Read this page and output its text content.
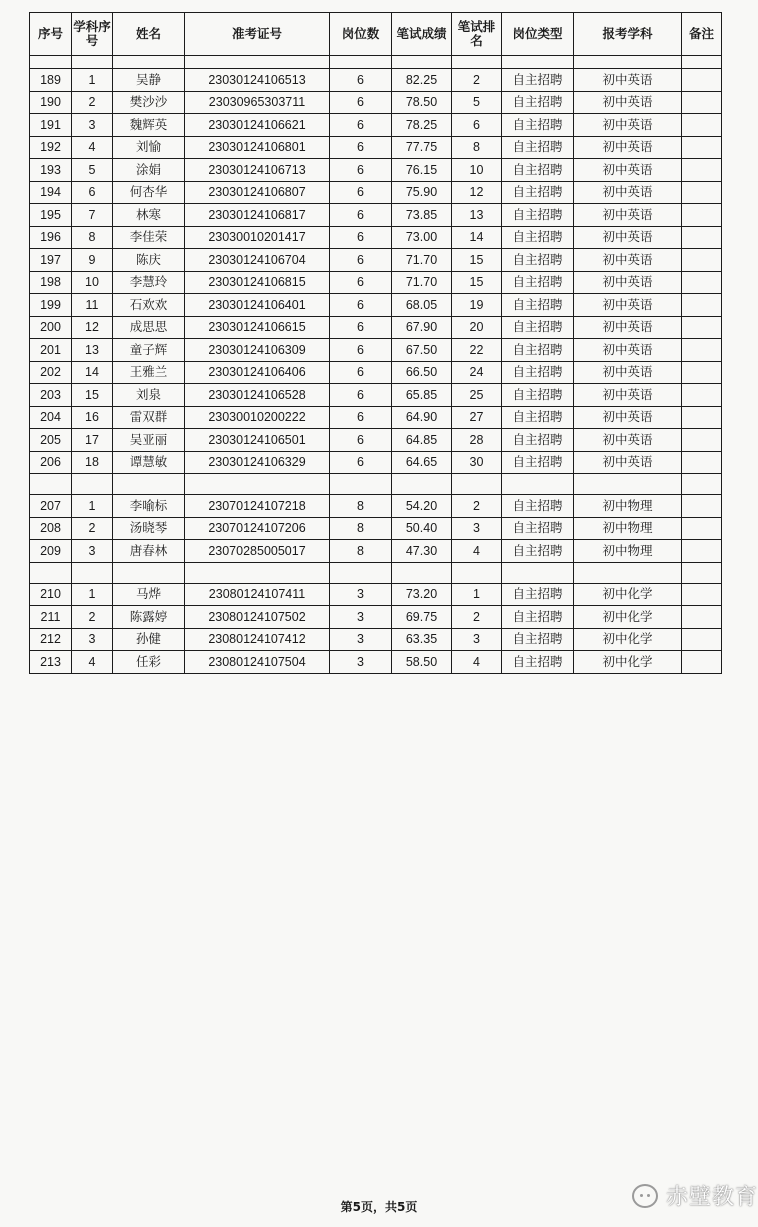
序号	学科序号	姓名	准考证号	岗位数	笔试成绩	笔试排名	岗位类型	报考学科	备注

189	1	吴静	23030124106513	6	82.25	2	自主招聘	初中英语	
190	2	樊沙沙	23030965303711	6	78.50	5	自主招聘	初中英语	
191	3	魏辉英	23030124106621	6	78.25	6	自主招聘	初中英语	
192	4	刘愉	23030124106801	6	77.75	8	自主招聘	初中英语	
193	5	涂娟	23030124106713	6	76.15	10	自主招聘	初中英语	
194	6	何杏华	23030124106807	6	75.90	12	自主招聘	初中英语	
195	7	林寒	23030124106817	6	73.85	13	自主招聘	初中英语	
196	8	李佳荣	23030010201417	6	73.00	14	自主招聘	初中英语	
197	9	陈庆	23030124106704	6	71.70	15	自主招聘	初中英语	
198	10	李慧玲	23030124106815	6	71.70	15	自主招聘	初中英语	
199	11	石欢欢	23030124106401	6	68.05	19	自主招聘	初中英语	
200	12	成思思	23030124106615	6	67.90	20	自主招聘	初中英语	
201	13	童子辉	23030124106309	6	67.50	22	自主招聘	初中英语	
202	14	王雅兰	23030124106406	6	66.50	24	自主招聘	初中英语	
203	15	刘泉	23030124106528	6	65.85	25	自主招聘	初中英语	
204	16	雷双群	23030010200222	6	64.90	27	自主招聘	初中英语	
205	17	吴亚丽	23030124106501	6	64.85	28	自主招聘	初中英语	
206	18	谭慧敏	23030124106329	6	64.65	30	自主招聘	初中英语	

207	1	李喻标	23070124107218	8	54.20	2	自主招聘	初中物理	
208	2	汤晓琴	23070124107206	8	50.40	3	自主招聘	初中物理	
209	3	唐春林	23070285005017	8	47.30	4	自主招聘	初中物理	

210	1	马烨	23080124107411	3	73.20	1	自主招聘	初中化学	
211	2	陈露婷	23080124107502	3	69.75	2	自主招聘	初中化学	
212	3	孙健	23080124107412	3	63.35	3	自主招聘	初中化学	
213	4	任彩	23080124107504	3	58.50	4	自主招聘	初中化学	
第5页，共5页	赤壁教育
